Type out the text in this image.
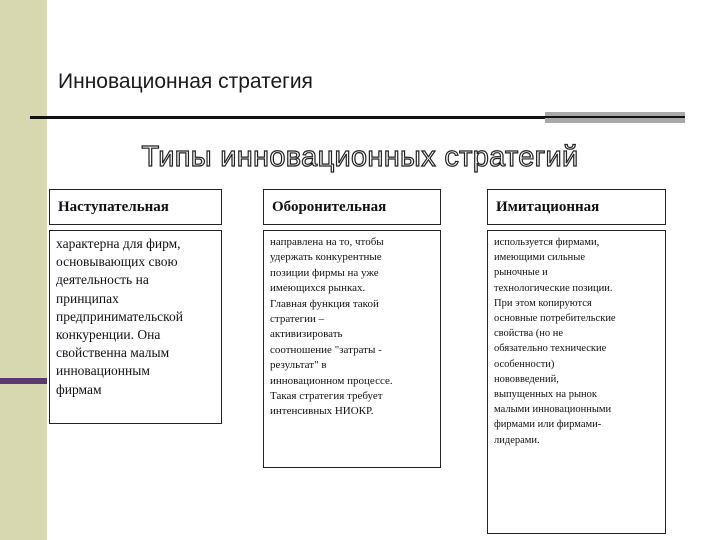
Инновационная стратегия
Типы инновационных стратегий
Наступательная	Оборонительная	Имитационная
характерна для фирм,
основывающих свою
деятельность на
принципах
предпринимательской
конкуренции. Она
свойственна малым
инновационным
фирмам
направлена на то, чтобы
удержать конкурентные
позиции фирмы на уже
имеющихся рынках.
Главная функция такой
стратегии –
активизировать
соотношение "затраты -
результат" в
инновационном процессе.
Такая стратегия требует
интенсивных НИОКР.
используется фирмами,
имеющими сильные
рыночные и
технологические позиции.
При этом копируются
основные потребительские
свойства (но не
обязательно технические
особенности)
нововведений,
выпущенных на рынок
малыми инновационными
фирмами или фирмами-
лидерами.
